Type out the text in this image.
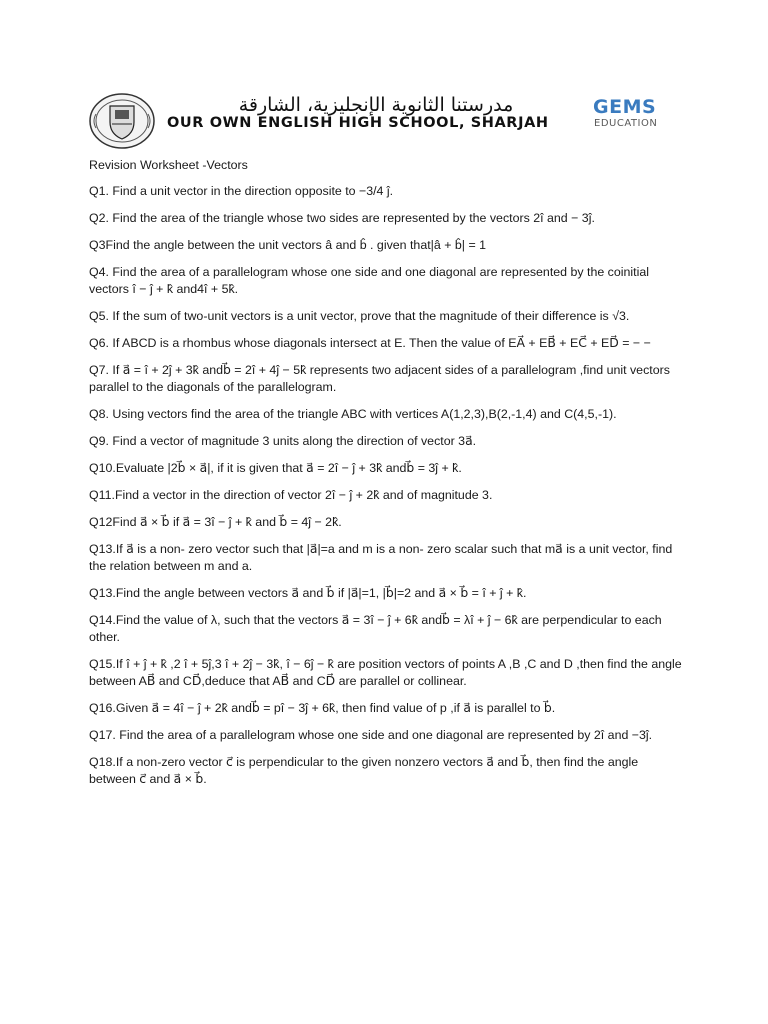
مدرستنا الثانوية الإنجليزية، الشارقة
OUR OWN ENGLISH HIGH SCHOOL, SHARJAH
GEMS
EDUCATION
Revision Worksheet -Vectors
Q1. Find a unit vector in the direction opposite to −3/4 ĵ.
Q2. Find the area of the triangle whose two sides are represented by the vectors 2î and − 3ĵ.
Q3Find the angle between the unit vectors â and b̂ . given that|â + b̂| = 1
Q4. Find the area of a parallelogram whose one side and one diagonal are represented by the coinitial vectors î − ĵ + k̂ and4î + 5k̂.
Q5. If the sum of two-unit vectors is a unit vector, prove that the magnitude of their difference is √3.
Q6. If ABCD is a rhombus whose diagonals intersect at E. Then the value of EA⃗ + EB⃗ + EC⃗ + ED⃗ = − −
Q7. If a⃗ = î + 2ĵ + 3k̂ andb⃗ = 2î + 4ĵ − 5k̂ represents two adjacent sides of a parallelogram ,find unit vectors parallel to the diagonals of the parallelogram.
Q8. Using vectors find the area of the triangle ABC with vertices A(1,2,3),B(2,-1,4) and C(4,5,-1).
Q9. Find a vector of magnitude 3 units along the direction of vector 3a⃗.
Q10.Evaluate |2b⃗ × a⃗|, if it is given that a⃗ = 2î − ĵ + 3k̂ andb⃗ = 3ĵ + k̂.
Q11.Find a vector in the direction of vector 2î − ĵ + 2k̂ and of magnitude 3.
Q12Find a⃗ × b⃗ if a⃗ = 3î − ĵ + k̂ and b⃗ = 4ĵ − 2k̂.
Q13.If a⃗ is a non- zero vector such that |a⃗|=a and m is a non- zero scalar such that ma⃗ is a unit vector, find the relation between m and a.
Q13.Find the angle between vectors a⃗ and b⃗ if |a⃗|=1, |b⃗|=2 and a⃗ × b⃗ = î + ĵ + k̂.
Q14.Find the value of λ, such that the vectors a⃗ = 3î − ĵ + 6k̂ andb⃗ = λî + ĵ − 6k̂ are perpendicular to each other.
Q15.If î + ĵ + k̂ ,2 î + 5ĵ,3 î + 2ĵ − 3k̂, î − 6ĵ − k̂ are position vectors of points A ,B ,C and D ,then find the angle between AB⃗ and CD⃗,deduce that AB⃗ and CD⃗ are parallel or collinear.
Q16.Given a⃗ = 4î − ĵ + 2k̂ andb⃗ = pî − 3ĵ + 6k̂, then find value of p ,if a⃗ is parallel to b⃗.
Q17. Find the area of a parallelogram whose one side and one diagonal are represented by 2î and −3ĵ.
Q18.If a non-zero vector c⃗ is perpendicular to the given nonzero vectors a⃗ and b⃗, then find the angle between c⃗ and a⃗ × b⃗.
